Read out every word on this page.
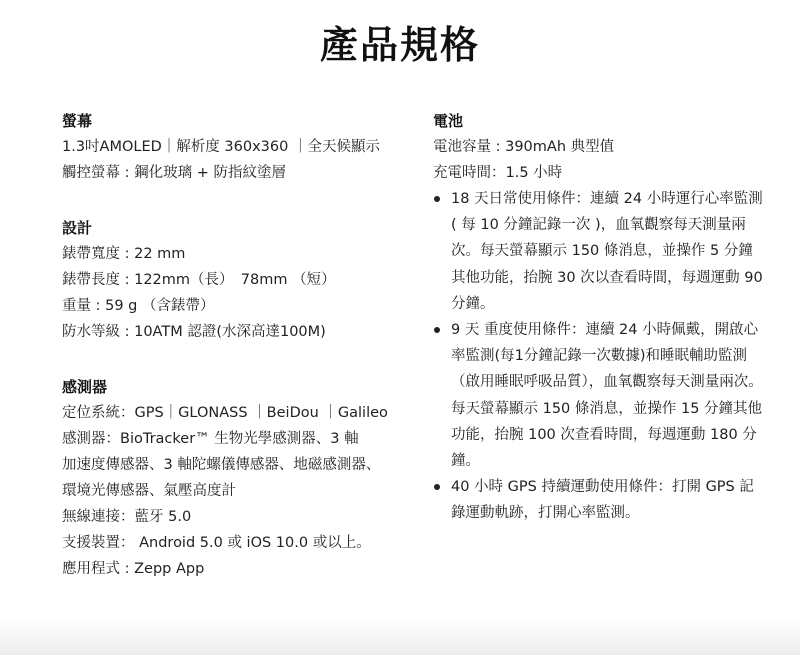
產品規格
螢幕
1.3吋AMOLED｜解析度 360x360 ｜全天候顯示
觸控螢幕 : 鋼化玻璃 + 防指紋塗層
設計
錶帶寬度 : 22 mm
錶帶長度 : 122mm（長）　78mm （短）
重量 : 59 g （含錶帶）
防水等級 : 10ATM 認證(水深高達100M)
感測器
定位系統：GPS｜GLONASS ｜BeiDou ｜Galileo
感測器：BioTracker™ 生物光學感測器、3 軸
加速度傳感器、3 軸陀螺儀傳感器、地磁感測器、
環境光傳感器、氣壓高度計
無線連接：藍牙 5.0
支援裝置： Android 5.0 或 iOS 10.0 或以上。
應用程式 : Zepp App
電池
電池容量 : 390mAh 典型值
充電時間：1.5 小時
18 天日常使用條件：連續 24 小時運行心率監測 ( 每 10 分鐘記錄一次 )，血氧觀察每天測量兩次。每天螢幕顯示 150 條消息，並操作 5 分鐘其他功能，抬腕 30 次以查看時間，每週運動 90 分鐘。
9 天 重度使用條件：連續 24 小時佩戴，開啟心率監測(每1分鐘記錄一次數據)和睡眠輔助監測（啟用睡眠呼吸品質），血氧觀察每天測量兩次。每天螢幕顯示 150 條消息，並操作 15 分鐘其他功能，抬腕 100 次查看時間，每週運動 180 分鐘。
40 小時 GPS 持續運動使用條件：打開 GPS 記錄運動軌跡，打開心率監測。
